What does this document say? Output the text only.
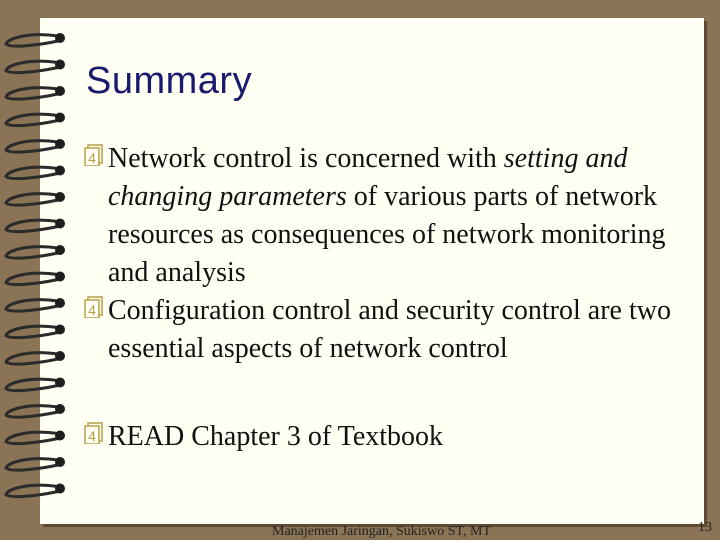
Summary
4 Network control is concerned with setting and changing parameters of various parts of network resources as consequences of network monitoring and analysis
4 Configuration control and security control are two essential aspects of network control
4 READ Chapter 3 of Textbook
Manajemen Jaringan, Sukiswo ST, MT	13
